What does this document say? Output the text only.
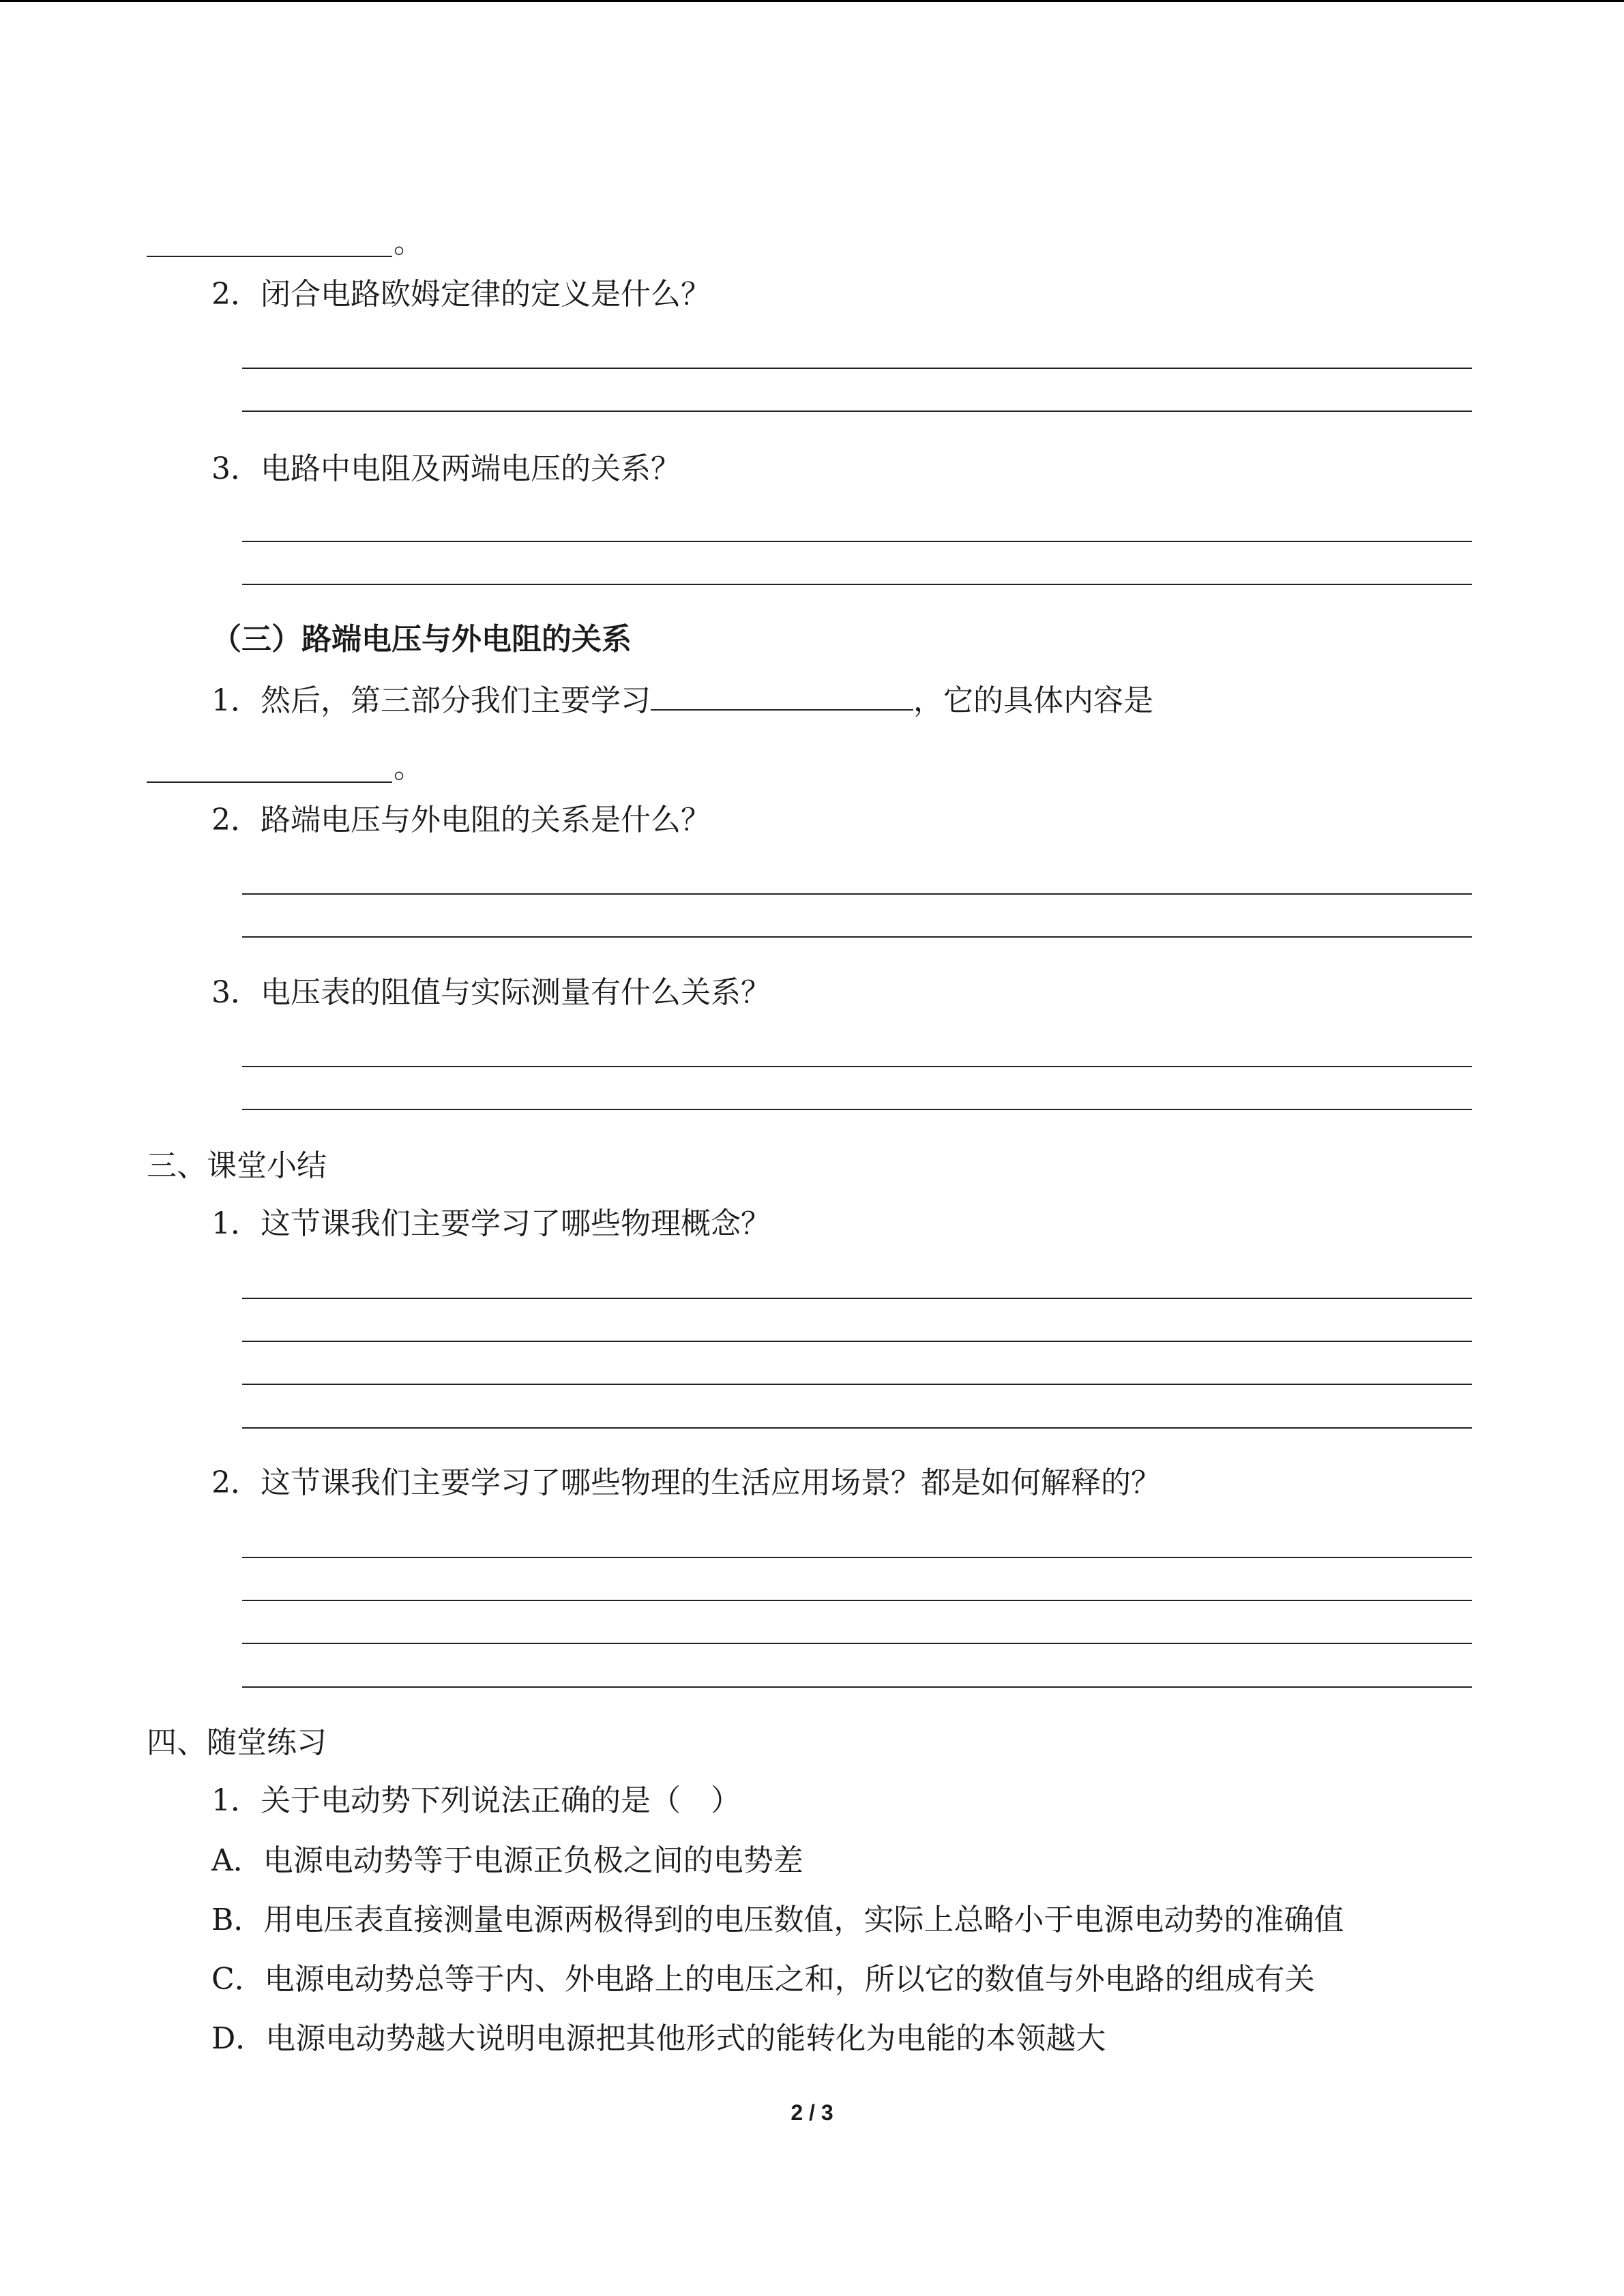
。
2．闭合电路欧姆定律的定义是什么？
3．电路中电阻及两端电压的关系？
（三）路端电压与外电阻的关系
1．然后，第三部分我们主要学习	，它的具体内容是
。
2．路端电压与外电阻的关系是什么？
3．电压表的阻值与实际测量有什么关系？
三、课堂小结
1．这节课我们主要学习了哪些物理概念？
2．这节课我们主要学习了哪些物理的生活应用场景？都是如何解释的？
四、随堂练习
1．关于电动势下列说法正确的是（　）
A．电源电动势等于电源正负极之间的电势差
B．用电压表直接测量电源两极得到的电压数值，实际上总略小于电源电动势的准确值
C．电源电动势总等于内、外电路上的电压之和，所以它的数值与外电路的组成有关
D．电源电动势越大说明电源把其他形式的能转化为电能的本领越大
2 / 3
